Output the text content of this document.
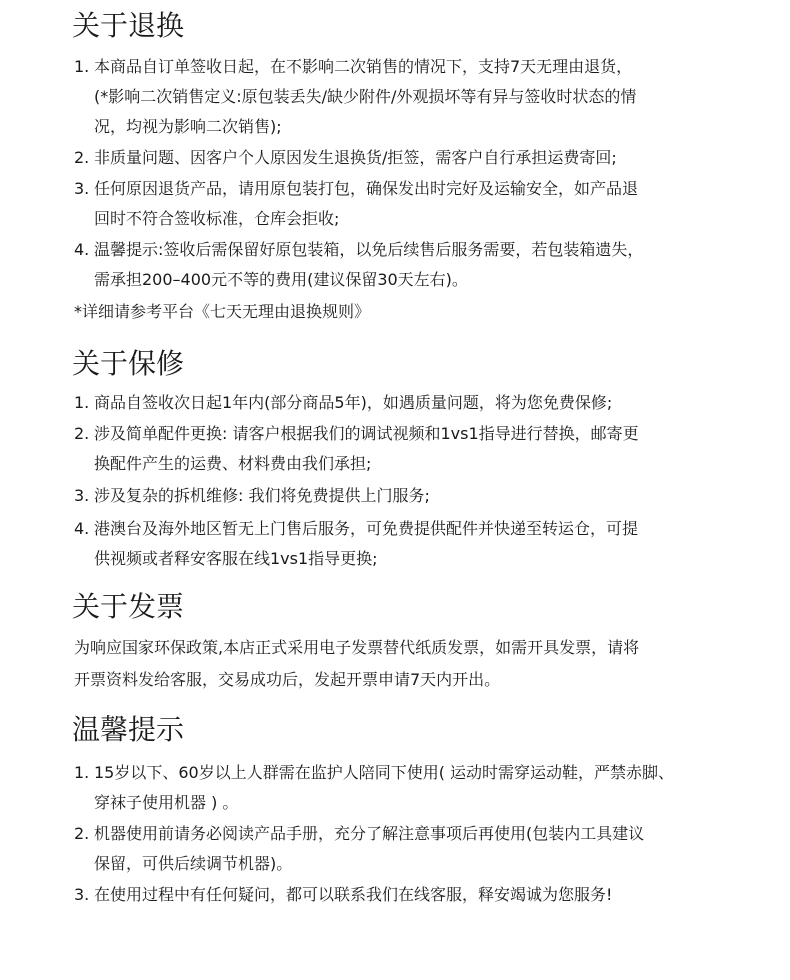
关于退换
1. 本商品自订单签收日起，在不影响二次销售的情况下，支持7天无理由退货，
(*影响二次销售定义:原包装丢失/缺少附件/外观损坏等有异与签收时状态的情
况，均视为影响二次销售);
2. 非质量问题、因客户个人原因发生退换货/拒签，需客户自行承担运费寄回;
3. 任何原因退货产品，请用原包装打包，确保发出时完好及运输安全，如产品退
回时不符合签收标准，仓库会拒收;
4. 温馨提示:签收后需保留好原包装箱，以免后续售后服务需要，若包装箱遗失，
需承担200–400元不等的费用(建议保留30天左右)。
*详细请参考平台《七天无理由退换规则》
关于保修
1. 商品自签收次日起1年内(部分商品5年)，如遇质量问题，将为您免费保修;
2. 涉及简单配件更换: 请客户根据我们的调试视频和1vs1指导进行替换，邮寄更
换配件产生的运费、材料费由我们承担;
3. 涉及复杂的拆机维修: 我们将免费提供上门服务;
4. 港澳台及海外地区暂无上门售后服务，可免费提供配件并快递至转运仓，可提
供视频或者释安客服在线1vs1指导更换;
关于发票
为响应国家环保政策,本店正式采用电子发票替代纸质发票，如需开具发票，请将
开票资料发给客服，交易成功后，发起开票申请7天内开出。
温馨提示
1. 15岁以下、60岁以上人群需在监护人陪同下使用( 运动时需穿运动鞋，严禁赤脚、
穿袜子使用机器 ) 。
2. 机器使用前请务必阅读产品手册，充分了解注意事项后再使用(包装内工具建议
保留，可供后续调节机器)。
3. 在使用过程中有任何疑问，都可以联系我们在线客服，释安竭诚为您服务!
